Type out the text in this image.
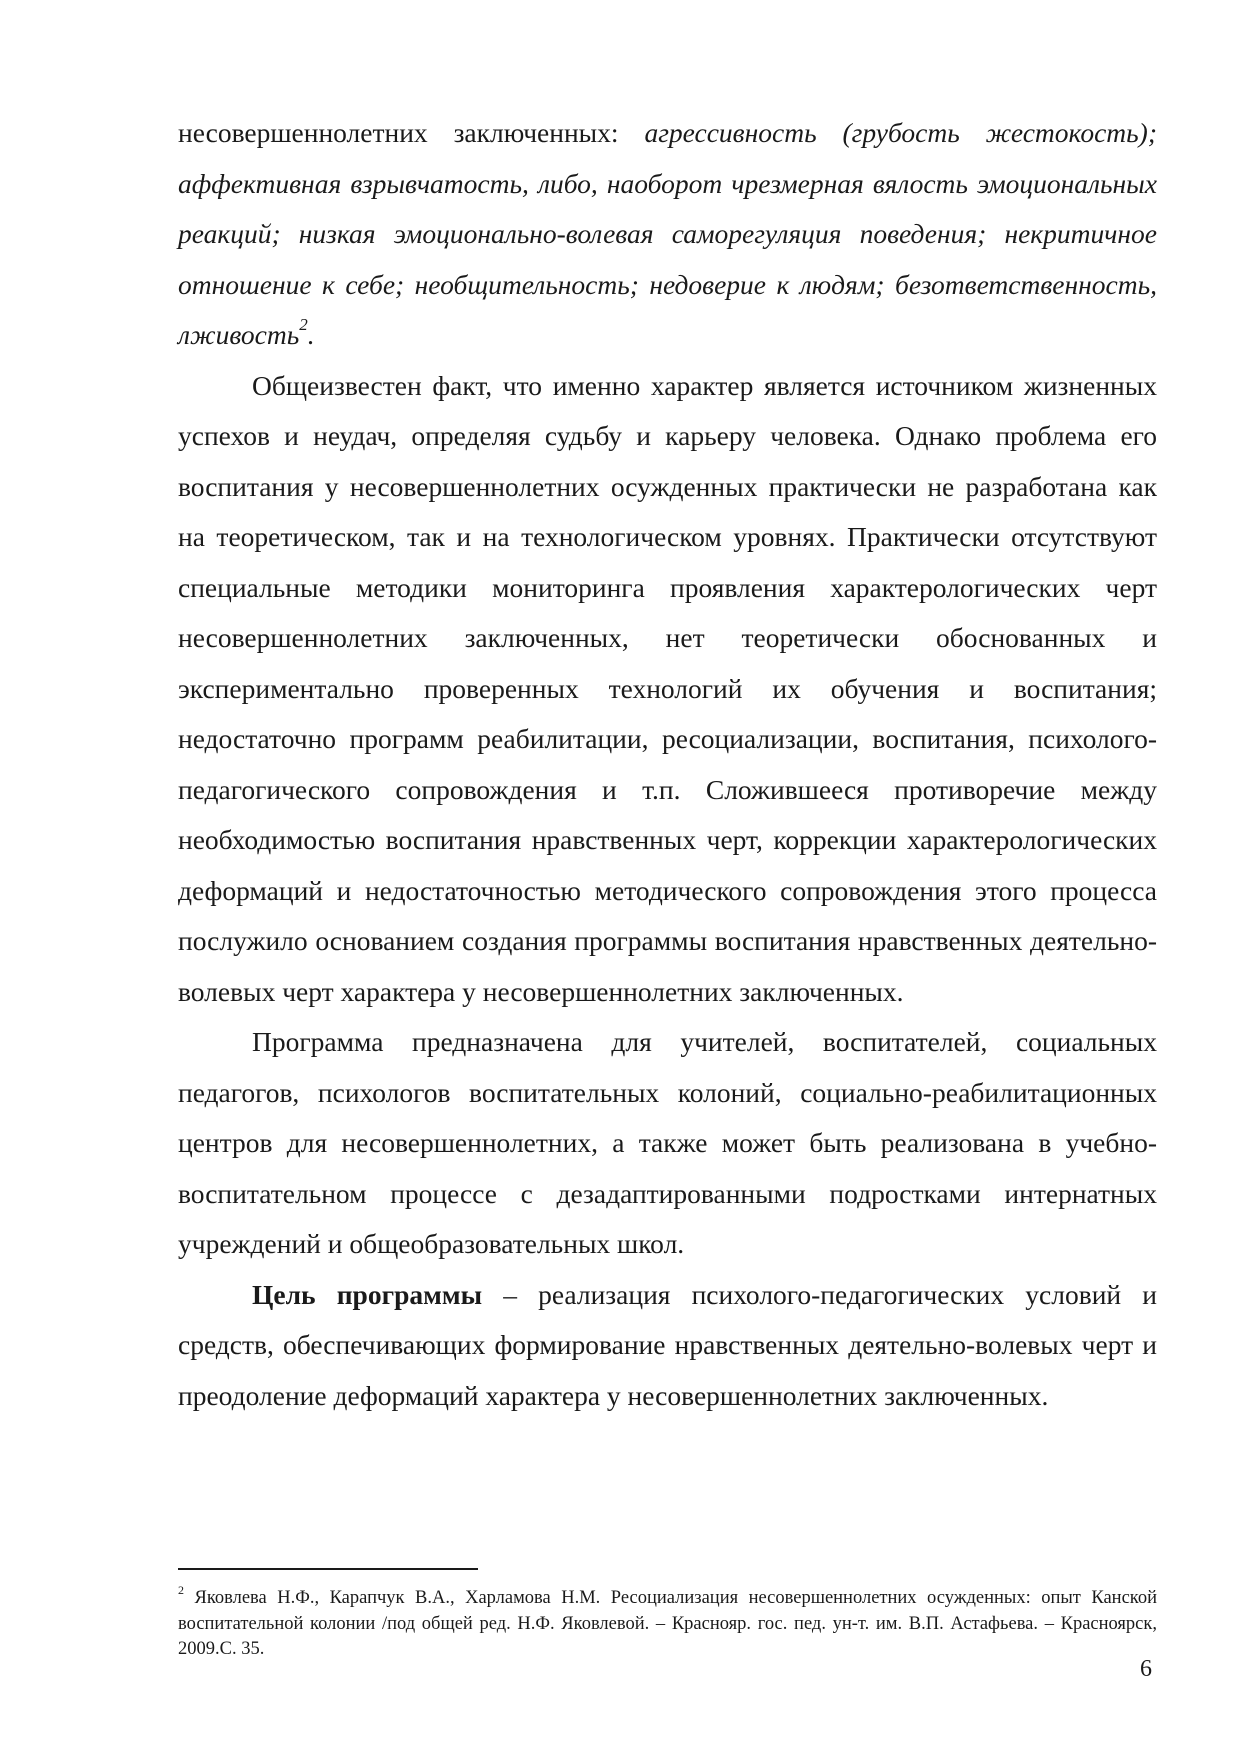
несовершеннолетних заключенных: агрессивность (грубость жестокость); аффективная взрывчатость, либо, наоборот чрезмерная вялость эмоциональных реакций; низкая эмоционально-волевая саморегуляция поведения; некритичное отношение к себе; необщительность; недоверие к людям; безответственность, лживость$^2$.

Общеизвестен факт, что именно характер является источником жизненных успехов и неудач, определяя судьбу и карьеру человека. Однако проблема его воспитания у несовершеннолетних осужденных практически не разработана как на теоретическом, так и на технологическом уровнях. Практически отсутствуют специальные методики мониторинга проявления характерологических черт несовершеннолетних заключенных, нет теоретически обоснованных и экспериментально проверенных технологий их обучения и воспитания; недостаточно программ реабилитации, ресоциализации, воспитания, психолого-педагогического сопровождения и т.п. Сложившееся противоречие между необходимостью воспитания нравственных черт, коррекции характерологических деформаций и недостаточностью методического сопровождения этого процесса послужило основанием создания программы воспитания нравственных деятельно-волевых черт характера у несовершеннолетних заключенных.

Программа предназначена для учителей, воспитателей, социальных педагогов, психологов воспитательных колоний, социально-реабилитационных центров для несовершеннолетних, а также может быть реализована в учебно-воспитательном процессе с дезадаптированными подростками интернатных учреждений и общеобразовательных школ.

Цель программы – реализация психолого-педагогических условий и средств, обеспечивающих формирование нравственных деятельно-волевых черт и преодоление деформаций характера у несовершеннолетних заключенных.

$^2$ Яковлева Н.Ф., Карапчук В.А., Харламова Н.М. Ресоциализация несовершеннолетних осужденных: опыт Канской воспитательной колонии /под общей ред. Н.Ф. Яковлевой. – Краснояр. гос. пед. ун-т. им. В.П. Астафьева. – Красноярск, 2009.С. 35.

6
